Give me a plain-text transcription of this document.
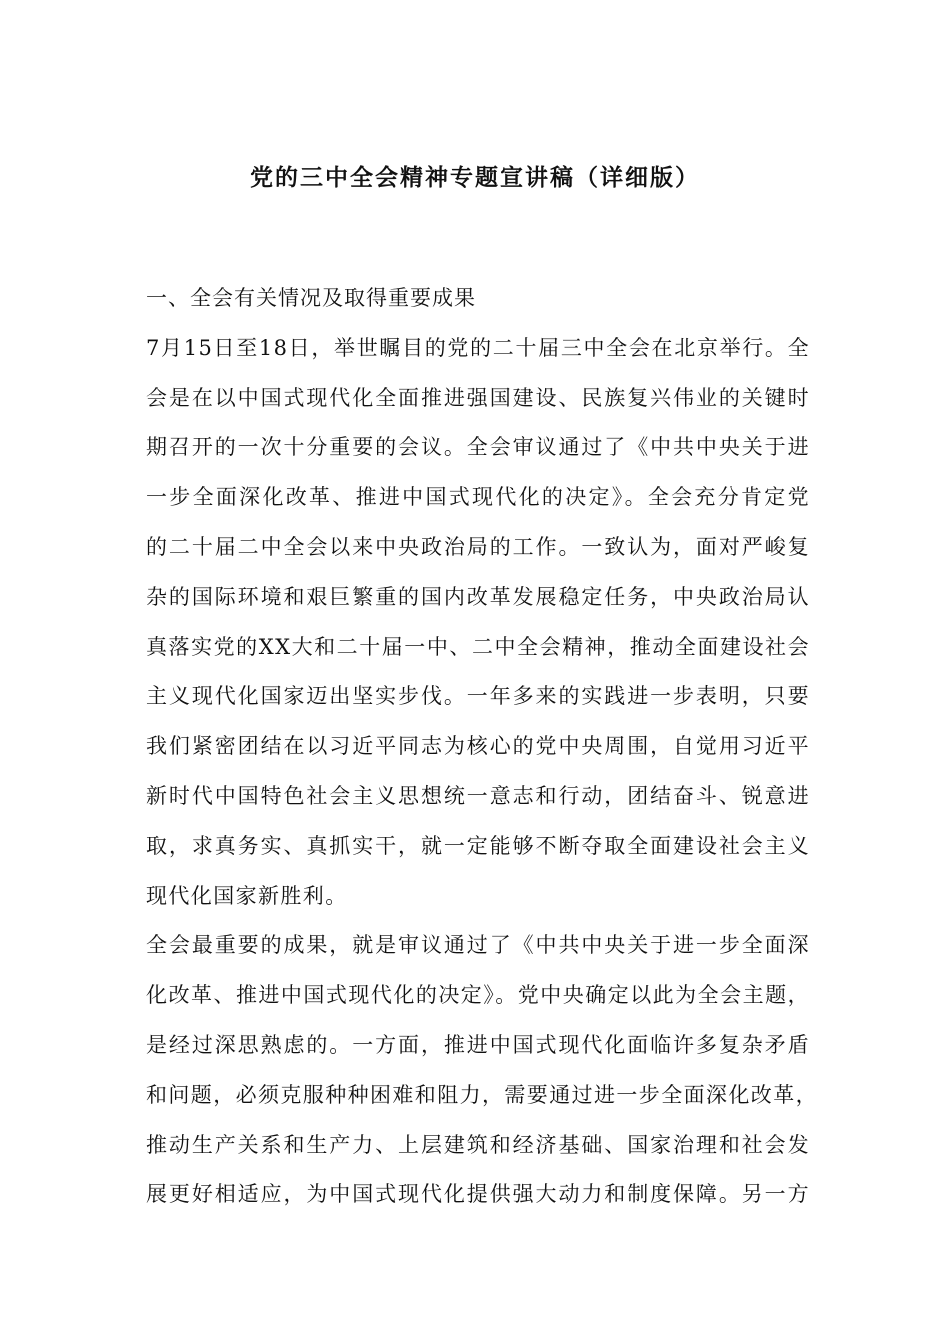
党的三中全会精神专题宣讲稿（详细版）
一、全会有关情况及取得重要成果
7月15日至18日，举世瞩目的党的二十届三中全会在北京举行。全
会是在以中国式现代化全面推进强国建设、民族复兴伟业的关键时
期召开的一次十分重要的会议。全会审议通过了《中共中央关于进
一步全面深化改革、推进中国式现代化的决定》。全会充分肯定党
的二十届二中全会以来中央政治局的工作。一致认为，面对严峻复
杂的国际环境和艰巨繁重的国内改革发展稳定任务，中央政治局认
真落实党的XX大和二十届一中、二中全会精神，推动全面建设社会
主义现代化国家迈出坚实步伐。一年多来的实践进一步表明，只要
我们紧密团结在以习近平同志为核心的党中央周围，自觉用习近平
新时代中国特色社会主义思想统一意志和行动，团结奋斗、锐意进
取，求真务实、真抓实干，就一定能够不断夺取全面建设社会主义
现代化国家新胜利。
全会最重要的成果，就是审议通过了《中共中央关于进一步全面深
化改革、推进中国式现代化的决定》。党中央确定以此为全会主题，
是经过深思熟虑的。一方面，推进中国式现代化面临许多复杂矛盾
和问题，必须克服种种困难和阻力，需要通过进一步全面深化改革，
推动生产关系和生产力、上层建筑和经济基础、国家治理和社会发
展更好相适应，为中国式现代化提供强大动力和制度保障。另一方
